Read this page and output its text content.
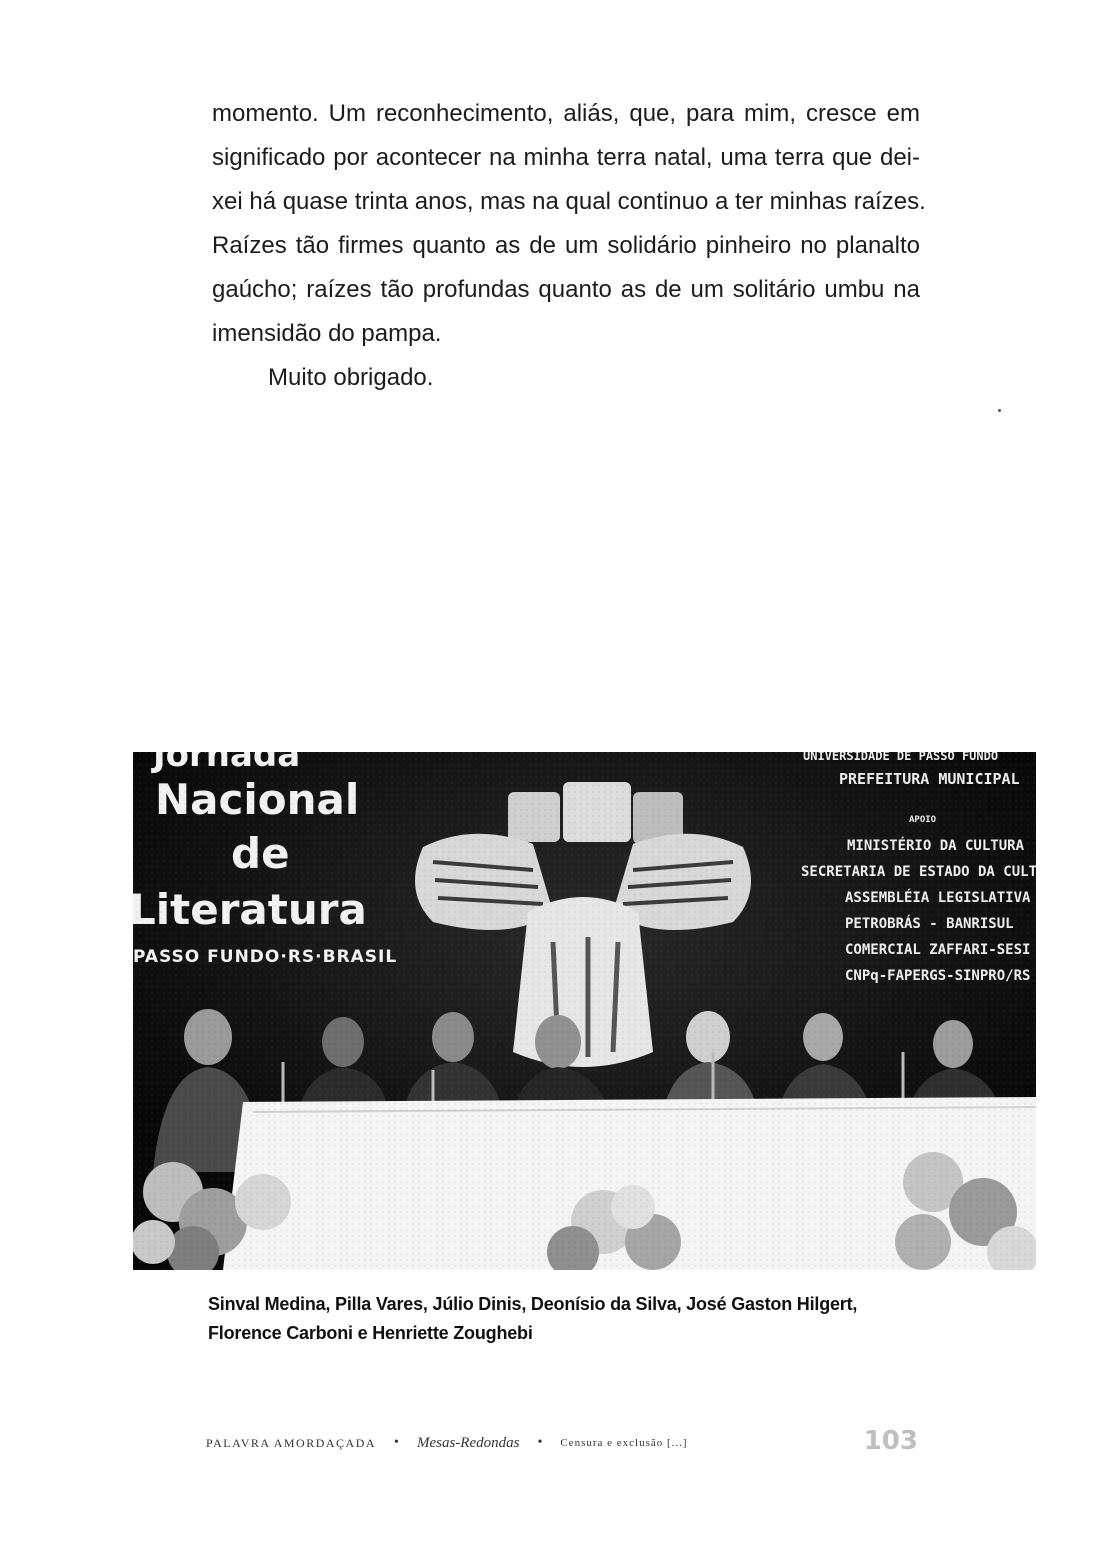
momento. Um reconhecimento, aliás, que, para mim, cresce em
significado por acontecer na minha terra natal, uma terra que dei-
xei há quase trinta anos, mas na qual continuo a ter minhas raízes.
Raízes tão firmes quanto as de um solidário pinheiro no planalto
gaúcho; raízes tão profundas quanto as de um solitário umbu na
imensidão do pampa.
Muito obrigado.
Sinval Medina, Pilla Vares, Júlio Dinis, Deonísio da Silva, José Gaston Hilgert,
Florence Carboni e Henriette Zoughebi
PALAVRA AMORDAÇADA • Mesas-Redondas • Censura e exclusão [...]	103
